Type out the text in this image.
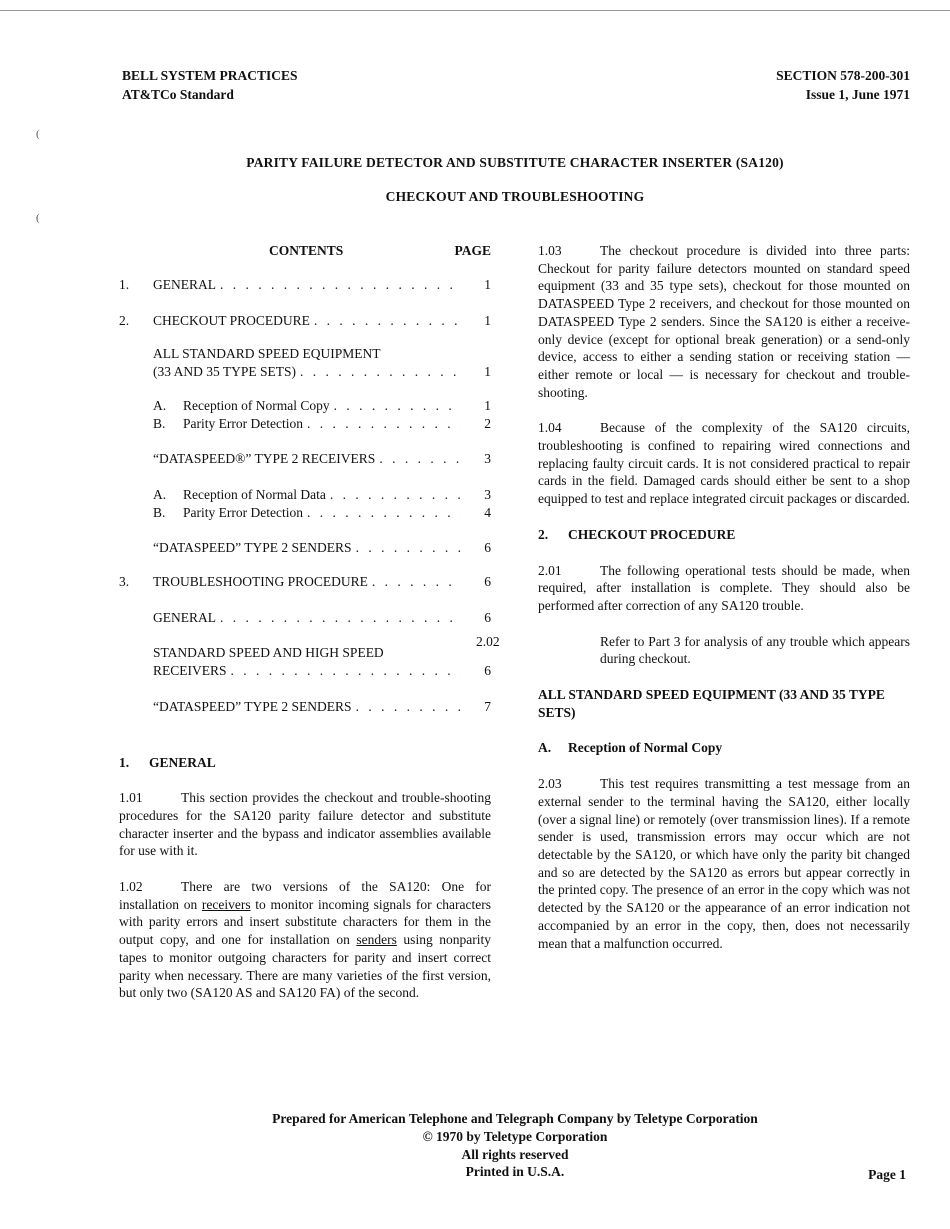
(
(
BELL SYSTEM PRACTICES
AT&TCo Standard
SECTION 578-200-301
Issue 1, June 1971
PARITY FAILURE DETECTOR AND SUBSTITUTE CHARACTER INSERTER (SA120)
CHECKOUT AND TROUBLESHOOTING
CONTENTS	PAGE
1.	GENERAL . . .	1
2.	CHECKOUT PROCEDURE . . .	1
ALL STANDARD SPEED EQUIPMENT
(33 AND 35 TYPE SETS) . . .	1
A.	Reception of Normal Copy . . .	1
B.	Parity Error Detection . . .	2
“DATASPEED®” TYPE 2 RECEIVERS . . .	3
A.	Reception of Normal Data . . .	3
B.	Parity Error Detection . . .	4
“DATASPEED” TYPE 2 SENDERS . . .	6
3.	TROUBLESHOOTING PROCEDURE . . .	6
GENERAL . . .	6
STANDARD SPEED AND HIGH SPEED
RECEIVERS . . .	6
“DATASPEED” TYPE 2 SENDERS . . .	7

1. GENERAL

1.01	This section provides the checkout and trouble-shooting procedures for the SA120 parity failure detector and substitute character inserter and the bypass and indicator assemblies available for use with it.

1.02	There are two versions of the SA120: One for installation on receivers to monitor incoming signals for characters with parity errors and insert substitute characters for them in the output copy, and one for installation on senders using nonparity tapes to monitor outgoing characters for parity and insert correct parity when necessary. There are many varieties of the first version, but only two (SA120 AS and SA120 FA) of the second.

1.03	The checkout procedure is divided into three parts: Checkout for parity failure detectors mounted on standard speed equipment (33 and 35 type sets), checkout for those mounted on DATASPEED Type 2 receivers, and checkout for those mounted on DATASPEED Type 2 senders. Since the SA120 is either a receive-only device (except for optional break generation) or a send-only device, access to either a sending station or receiving station — either remote or local — is necessary for checkout and trouble-shooting.

1.04	Because of the complexity of the SA120 circuits, troubleshooting is confined to repairing wired connections and replacing faulty circuit cards. It is not considered practical to repair cards in the field. Damaged cards should either be sent to a shop equipped to test and replace integrated circuit packages or discarded.

2. CHECKOUT PROCEDURE

2.01	The following operational tests should be made, when required, after installation is complete. They should also be performed after correction of any SA120 trouble.

2.02	Refer to Part 3 for analysis of any trouble which appears during checkout.

ALL STANDARD SPEED EQUIPMENT (33 AND 35 TYPE SETS)

A. Reception of Normal Copy

2.03	This test requires transmitting a test message from an external sender to the terminal having the SA120, either locally (over a signal line) or remotely (over transmission lines). If a remote sender is used, transmission errors may occur which are not detectable by the SA120, or which have only the parity bit changed and so are detected by the SA120 as errors but appear correctly in the printed copy. The presence of an error in the copy which was not detected by the SA120 or the appearance of an error indication not accompanied by an error in the copy, then, does not necessarily mean that a malfunction occurred.

Prepared for American Telephone and Telegraph Company by Teletype Corporation
© 1970 by Teletype Corporation
All rights reserved
Printed in U.S.A.	Page 1
